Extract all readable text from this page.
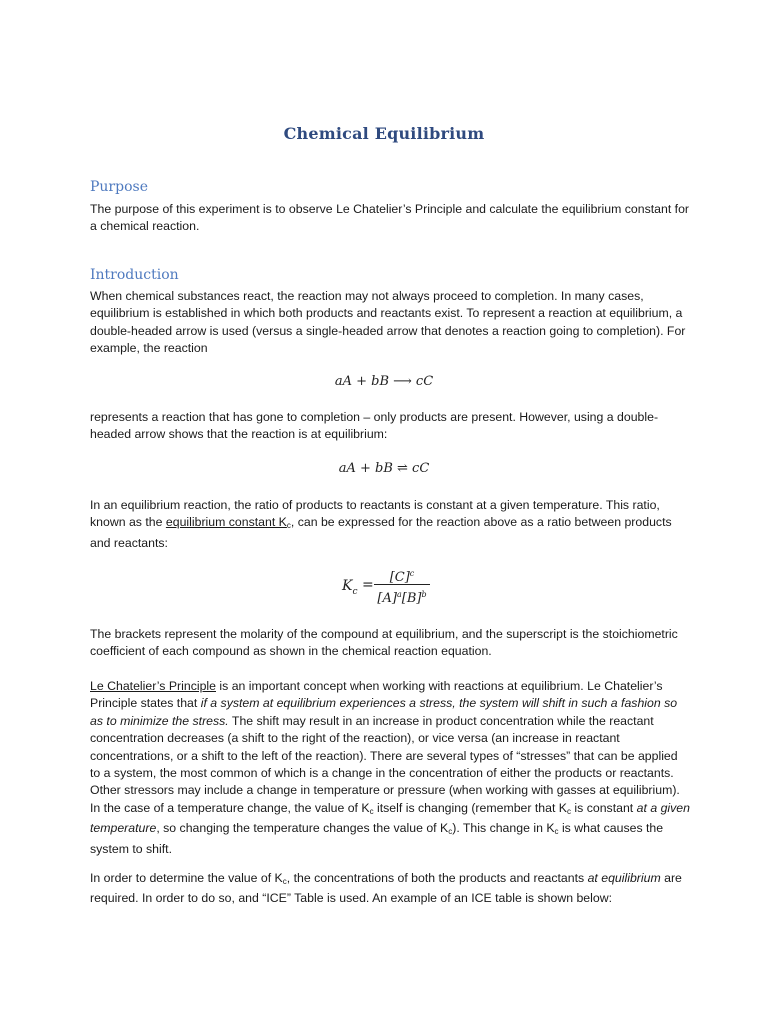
Chemical Equilibrium
Purpose

The purpose of this experiment is to observe Le Chatelier’s Principle and calculate the equilibrium constant for a chemical reaction.

Introduction

When chemical substances react, the reaction may not always proceed to completion. In many cases, equilibrium is established in which both products and reactants exist. To represent a reaction at equilibrium, a double-headed arrow is used (versus a single-headed arrow that denotes a reaction going to completion). For example, the reaction

aA + bB ⟶ cC

represents a reaction that has gone to completion – only products are present. However, using a double-headed arrow shows that the reaction is at equilibrium:

aA + bB ⇌ cC

In an equilibrium reaction, the ratio of products to reactants is constant at a given temperature. This ratio, known as the equilibrium constant $K_c$, can be expressed for the reaction above as a ratio between products and reactants:

$K_c$ =	$[C]^c$
$[A]^a[B]^b$

The brackets represent the molarity of the compound at equilibrium, and the superscript is the stoichiometric coefficient of each compound as shown in the chemical reaction equation.

Le Chatelier’s Principle is an important concept when working with reactions at equilibrium. Le Chatelier’s Principle states that if a system at equilibrium experiences a stress, the system will shift in such a fashion so as to minimize the stress. The shift may result in an increase in product concentration while the reactant concentration decreases (a shift to the right of the reaction), or vice versa (an increase in reactant concentrations, or a shift to the left of the reaction). There are several types of “stresses” that can be applied to a system, the most common of which is a change in the concentration of either the products or reactants. Other stressors may include a change in temperature or pressure (when working with gasses at equilibrium). In the case of a temperature change, the value of $K_c$ itself is changing (remember that $K_c$ is constant at a given temperature, so changing the temperature changes the value of $K_c$). This change in $K_c$ is what causes the system to shift.

In order to determine the value of $K_c$, the concentrations of both the products and reactants at equilibrium are required. In order to do so, and “ICE” Table is used. An example of an ICE table is shown below:
